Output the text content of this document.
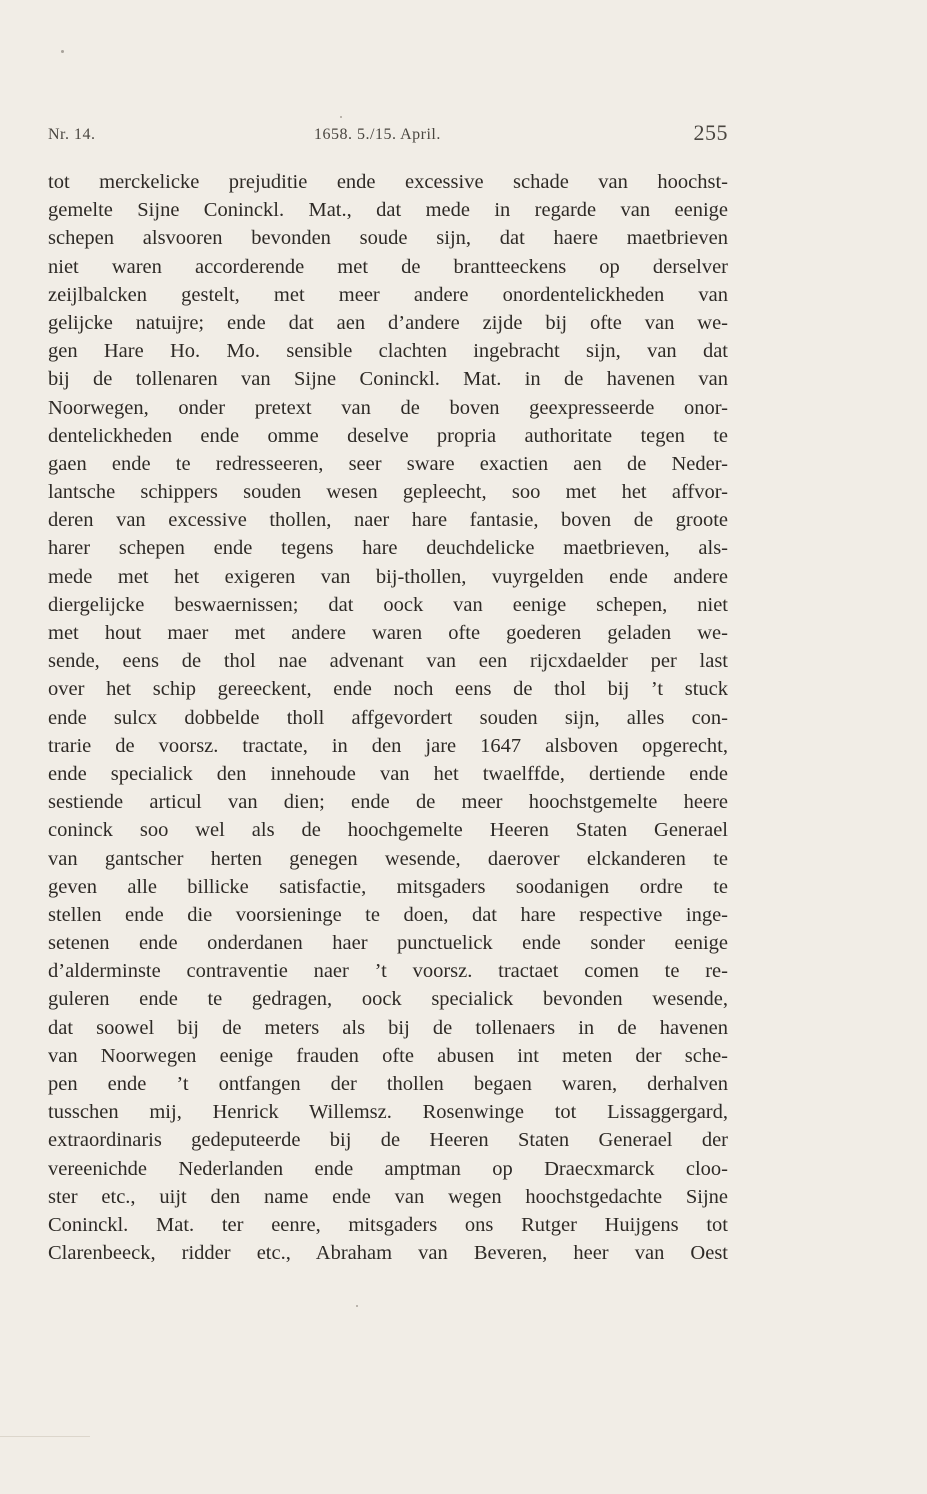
Nr. 14.	1658. 5./15. April.	255
tot merckelicke prejuditie ende excessive schade van hoochst-
gemelte Sijne Coninckl. Mat., dat mede in regarde van eenige
schepen alsvooren bevonden soude sijn, dat haere maetbrieven
niet waren accorderende met de brantteeckens op derselver
zeijlbalcken gestelt, met meer andere onordentelickheden van
gelijcke natuijre; ende dat aen d’andere zijde bij ofte van we-
gen Hare Ho. Mo. sensible clachten ingebracht sijn, van dat
bij de tollenaren van Sijne Coninckl. Mat. in de havenen van
Noorwegen, onder pretext van de boven geexpresseerde onor-
dentelickheden ende omme deselve propria authoritate tegen te
gaen ende te redresseeren, seer sware exactien aen de Neder-
lantsche schippers souden wesen gepleecht, soo met het affvor-
deren van excessive thollen, naer hare fantasie, boven de groote
harer schepen ende tegens hare deuchdelicke maetbrieven, als-
mede met het exigeren van bij-thollen, vuyrgelden ende andere
diergelijcke beswaernissen; dat oock van eenige schepen, niet
met hout maer met andere waren ofte goederen geladen we-
sende, eens de thol nae advenant van een rijcxdaelder per last
over het schip gereeckent, ende noch eens de thol bij ’t stuck
ende sulcx dobbelde tholl affgevordert souden sijn, alles con-
trarie de voorsz. tractate, in den jare 1647 alsboven opgerecht,
ende specialick den innehoude van het twaelffde, dertiende ende
sestiende articul van dien; ende de meer hoochstgemelte heere
coninck soo wel als de hoochgemelte Heeren Staten Generael
van gantscher herten genegen wesende, daerover elckanderen te
geven alle billicke satisfactie, mitsgaders soodanigen ordre te
stellen ende die voorsieninge te doen, dat hare respective inge-
setenen ende onderdanen haer punctuelick ende sonder eenige
d’alderminste contraventie naer ’t voorsz. tractaet comen te re-
guleren ende te gedragen, oock specialick bevonden wesende,
dat soowel bij de meters als bij de tollenaers in de havenen
van Noorwegen eenige frauden ofte abusen int meten der sche-
pen ende ’t ontfangen der thollen begaen waren, derhalven
tusschen mij, Henrick Willemsz. Rosenwinge tot Lissaggergard,
extraordinaris gedeputeerde bij de Heeren Staten Generael der
vereenichde Nederlanden ende amptman op Draecxmarck cloo-
ster etc., uijt den name ende van wegen hoochstgedachte Sijne
Coninckl. Mat. ter eenre, mitsgaders ons Rutger Huijgens tot
Clarenbeeck, ridder etc., Abraham van Beveren, heer van Oest
